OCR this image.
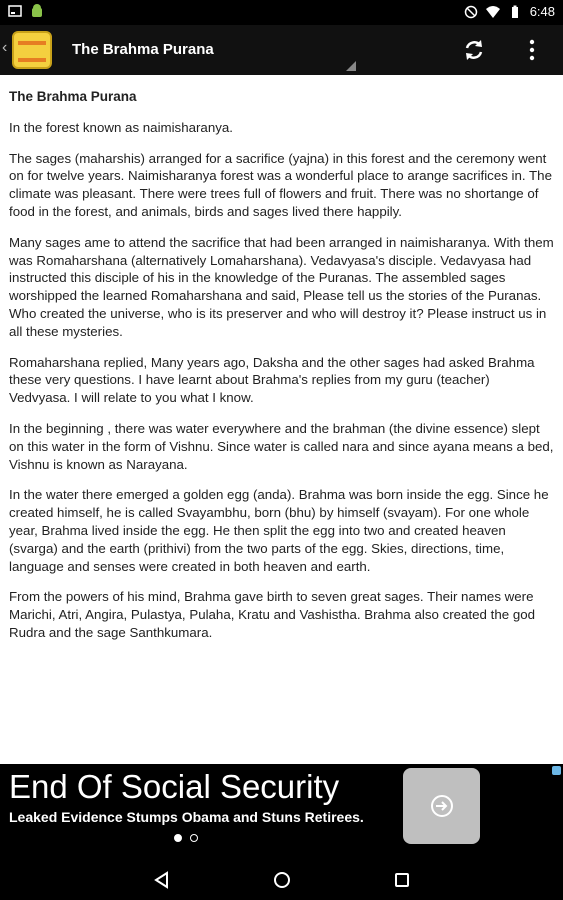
6:48
‹	The Brahma Purana
The Brahma Purana

In the forest known as naimisharanya.

The sages (maharshis) arranged for a sacrifice (yajna) in this forest and the ceremony went on for twelve years. Naimisharanya forest was a wonderful place to arange sacrifices in. The climate was pleasant. There were trees full of flowers and fruit. There was no shortange of food in the forest, and animals, birds and sages lived there happily.

Many sages ame to attend the sacrifice that had been arranged in naimisharanya. With them was Romaharshana (alternatively Lomaharshana). Vedavyasa's disciple. Vedavyasa had instructed this disciple of his in the knowledge of the Puranas. The assembled sages worshipped the learned Romaharshana and said, Please tell us the stories of the Puranas. Who created the universe, who is its preserver and who will destroy it? Please instruct us in all these mysteries.

Romaharshana replied, Many years ago, Daksha and the other sages had asked Brahma these very questions. I have learnt about Brahma's replies from my guru (teacher) Vedvyasa. I will relate to you what I know.

In the beginning , there was water everywhere and the brahman (the divine essence) slept on this water in the form of Vishnu. Since water is called nara and since ayana means a bed, Vishnu is known as Narayana.

In the water there emerged a golden egg (anda). Brahma was born inside the egg. Since he created himself, he is called Svayambhu, born (bhu) by himself (svayam). For one whole year, Brahma lived inside the egg. He then split the egg into two and created heaven (svarga) and the earth (prithivi) from the two parts of the egg. Skies, directions, time, language and senses were created in both heaven and earth.

From the powers of his mind, Brahma gave birth to seven great sages. Their names were Marichi, Atri, Angira, Pulastya, Pulaha, Kratu and Vashistha. Brahma also created the god Rudra and the sage Santhkumara.

End Of Social Security
Leaked Evidence Stumps Obama and Stuns Retirees.
